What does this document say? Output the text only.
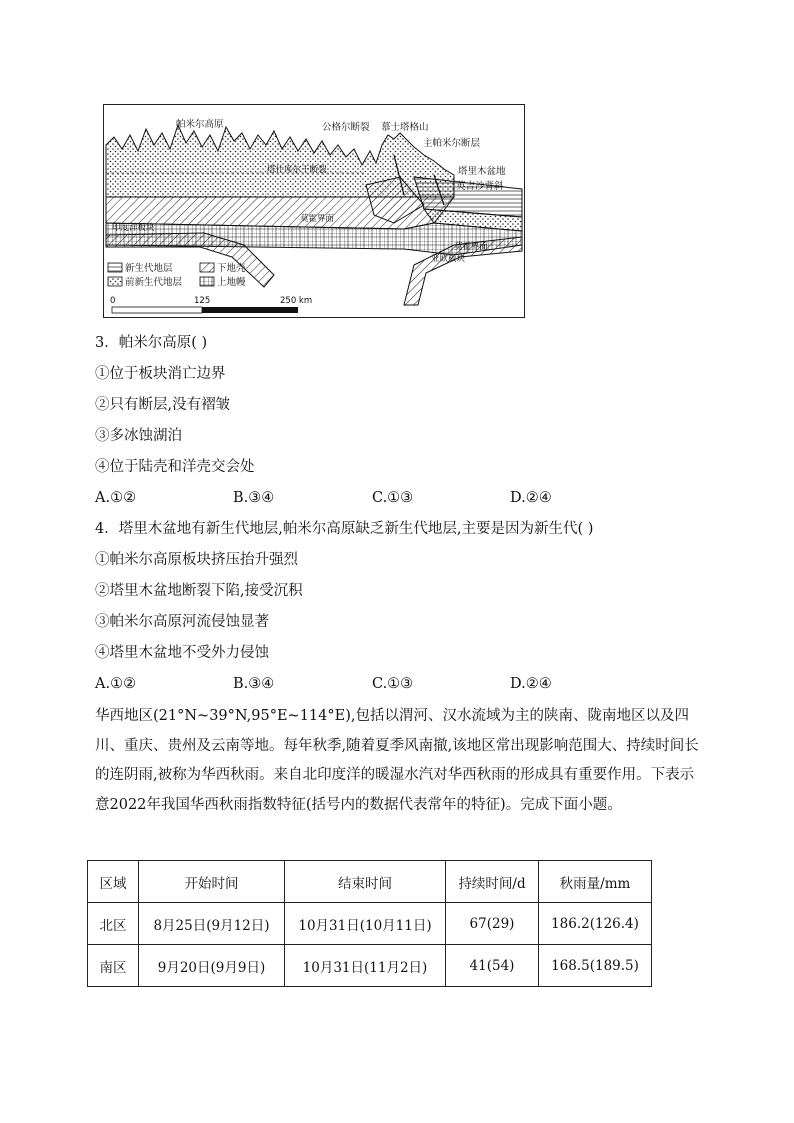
帕米尔高原	公格尔断裂 慕士塔格山
主帕米尔断层
塔什库尔干断裂	塔里木盆地
英吉沙背斜
莫霍界面
莫霍界面
印度洋板块
亚欧板块
新生代地层
前新生代地层
下地壳
上地幔
0	125	250 km
3．帕米尔高原( )
①位于板块消亡边界
②只有断层,没有褶皱
③多冰蚀湖泊
④位于陆壳和洋壳交会处
A.①②	B.③④	C.①③	D.②④
4．塔里木盆地有新生代地层,帕米尔高原缺乏新生代地层,主要是因为新生代( )
①帕米尔高原板块挤压抬升强烈
②塔里木盆地断裂下陷,接受沉积
③帕米尔高原河流侵蚀显著
④塔里木盆地不受外力侵蚀
A.①②	B.③④	C.①③	D.②④
华西地区(21°N~39°N,95°E~114°E),包括以渭河、汉水流域为主的陕南、陇南地区以及四川、重庆、贵州及云南等地。每年秋季,随着夏季风南撤,该地区常出现影响范围大、持续时间长的连阴雨,被称为华西秋雨。来自北印度洋的暖湿水汽对华西秋雨的形成具有重要作用。下表示意2022年我国华西秋雨指数特征(括号内的数据代表常年的特征)。完成下面小题。
区域	开始时间	结束时间	持续时间/d	秋雨量/mm
北区	8月25日(9月12日)	10月31日(10月11日)	67(29)	186.2(126.4)
南区	9月20日(9月9日)	10月31日(11月2日)	41(54)	168.5(189.5)
